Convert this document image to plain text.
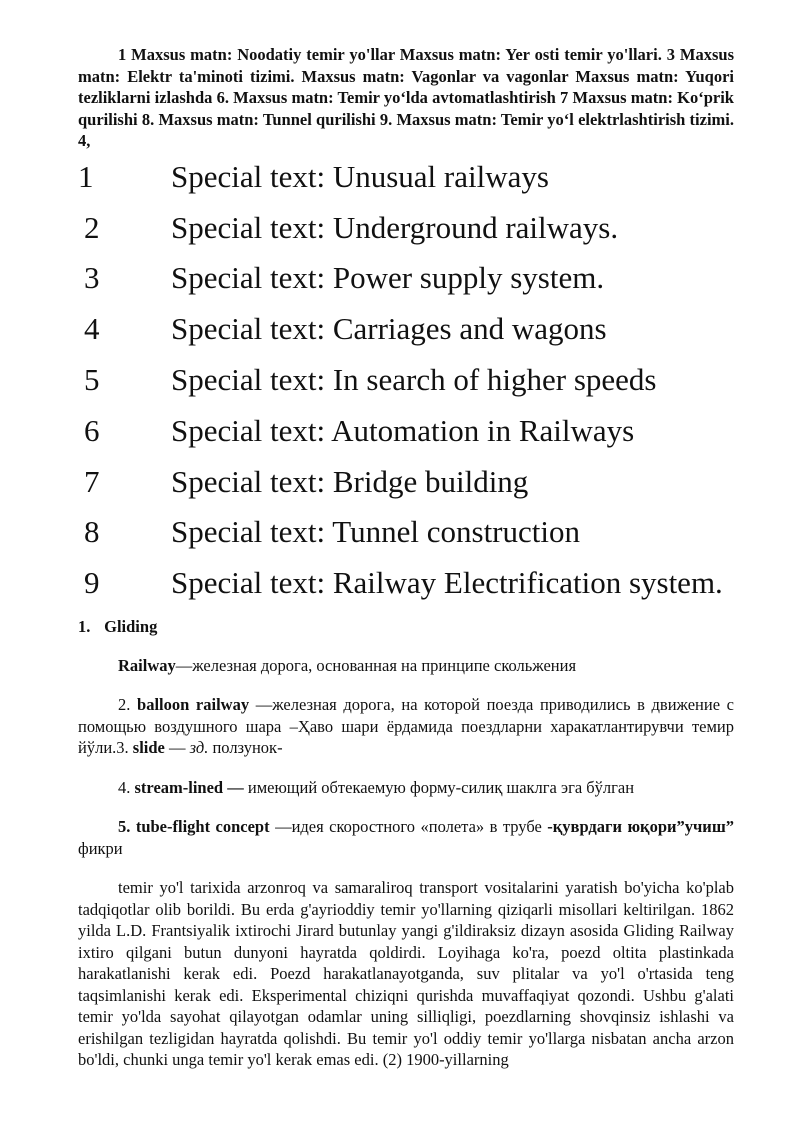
1 Maxsus matn: Noodatiy temir yo'llar Maxsus matn: Yer osti temir yo'llari. 3 Maxsus matn: Elektr ta'minoti tizimi. Maxsus matn: Vagonlar va vagonlar Maxsus matn: Yuqori tezliklarni izlashda 6. Maxsus matn: Temir yo‘lda avtomatlashtirish 7 Maxsus matn: Ko‘prik qurilishi 8. Maxsus matn: Tunnel qurilishi 9. Maxsus matn: Temir yo‘l elektrlashtirish tizimi. 4,

1	Special text: Unusual railways
2	Special text: Underground railways.
3	Special text: Power supply system.
4	Special text: Carriages and wagons
5	Special text: In search of higher speeds
6	Special text: Automation in Railways
7	Special text: Bridge building
8	Special text: Tunnel construction
9	Special text: Railway Electrification system.
1. Gliding

Railway—железная дорога, основанная на принципе скольжения

2. balloon railway —железная дорога, на которой поезда приводились в движение с помощью воздушного шара –Ҳаво шари ёрдамида поездларни харакатлантирувчи темир йўли.3. slide — зд. ползунок-

4. stream-lined — имеющий обтекаемую форму-силиқ шаклга эга бўлган

5. tube-flight concept —идея скоростного «полета» в трубе -қуврдаги юқори”учиш” фикри

temir yo'l tarixida arzonroq va samaraliroq transport vositalarini yaratish bo'yicha ko'plab tadqiqotlar olib borildi. Bu erda g'ayrioddiy temir yo'llarning qiziqarli misollari keltirilgan. 1862 yilda L.D. Frantsiyalik ixtirochi Jirard butunlay yangi g'ildiraksiz dizayn asosida Gliding Railway ixtiro qilgani butun dunyoni hayratda qoldirdi. Loyihaga ko'ra, poezd oltita plastinkada harakatlanishi kerak edi. Poezd harakatlanayotganda, suv plitalar va yo'l o'rtasida teng taqsimlanishi kerak edi. Eksperimental chiziqni qurishda muvaffaqiyat qozondi. Ushbu g'alati temir yo'lda sayohat qilayotgan odamlar uning silliqligi, poezdlarning shovqinsiz ishlashi va erishilgan tezligidan hayratda qolishdi. Bu temir yo'l oddiy temir yo'llarga nisbatan ancha arzon bo'ldi, chunki unga temir yo'l kerak emas edi. (2) 1900-yillarning
